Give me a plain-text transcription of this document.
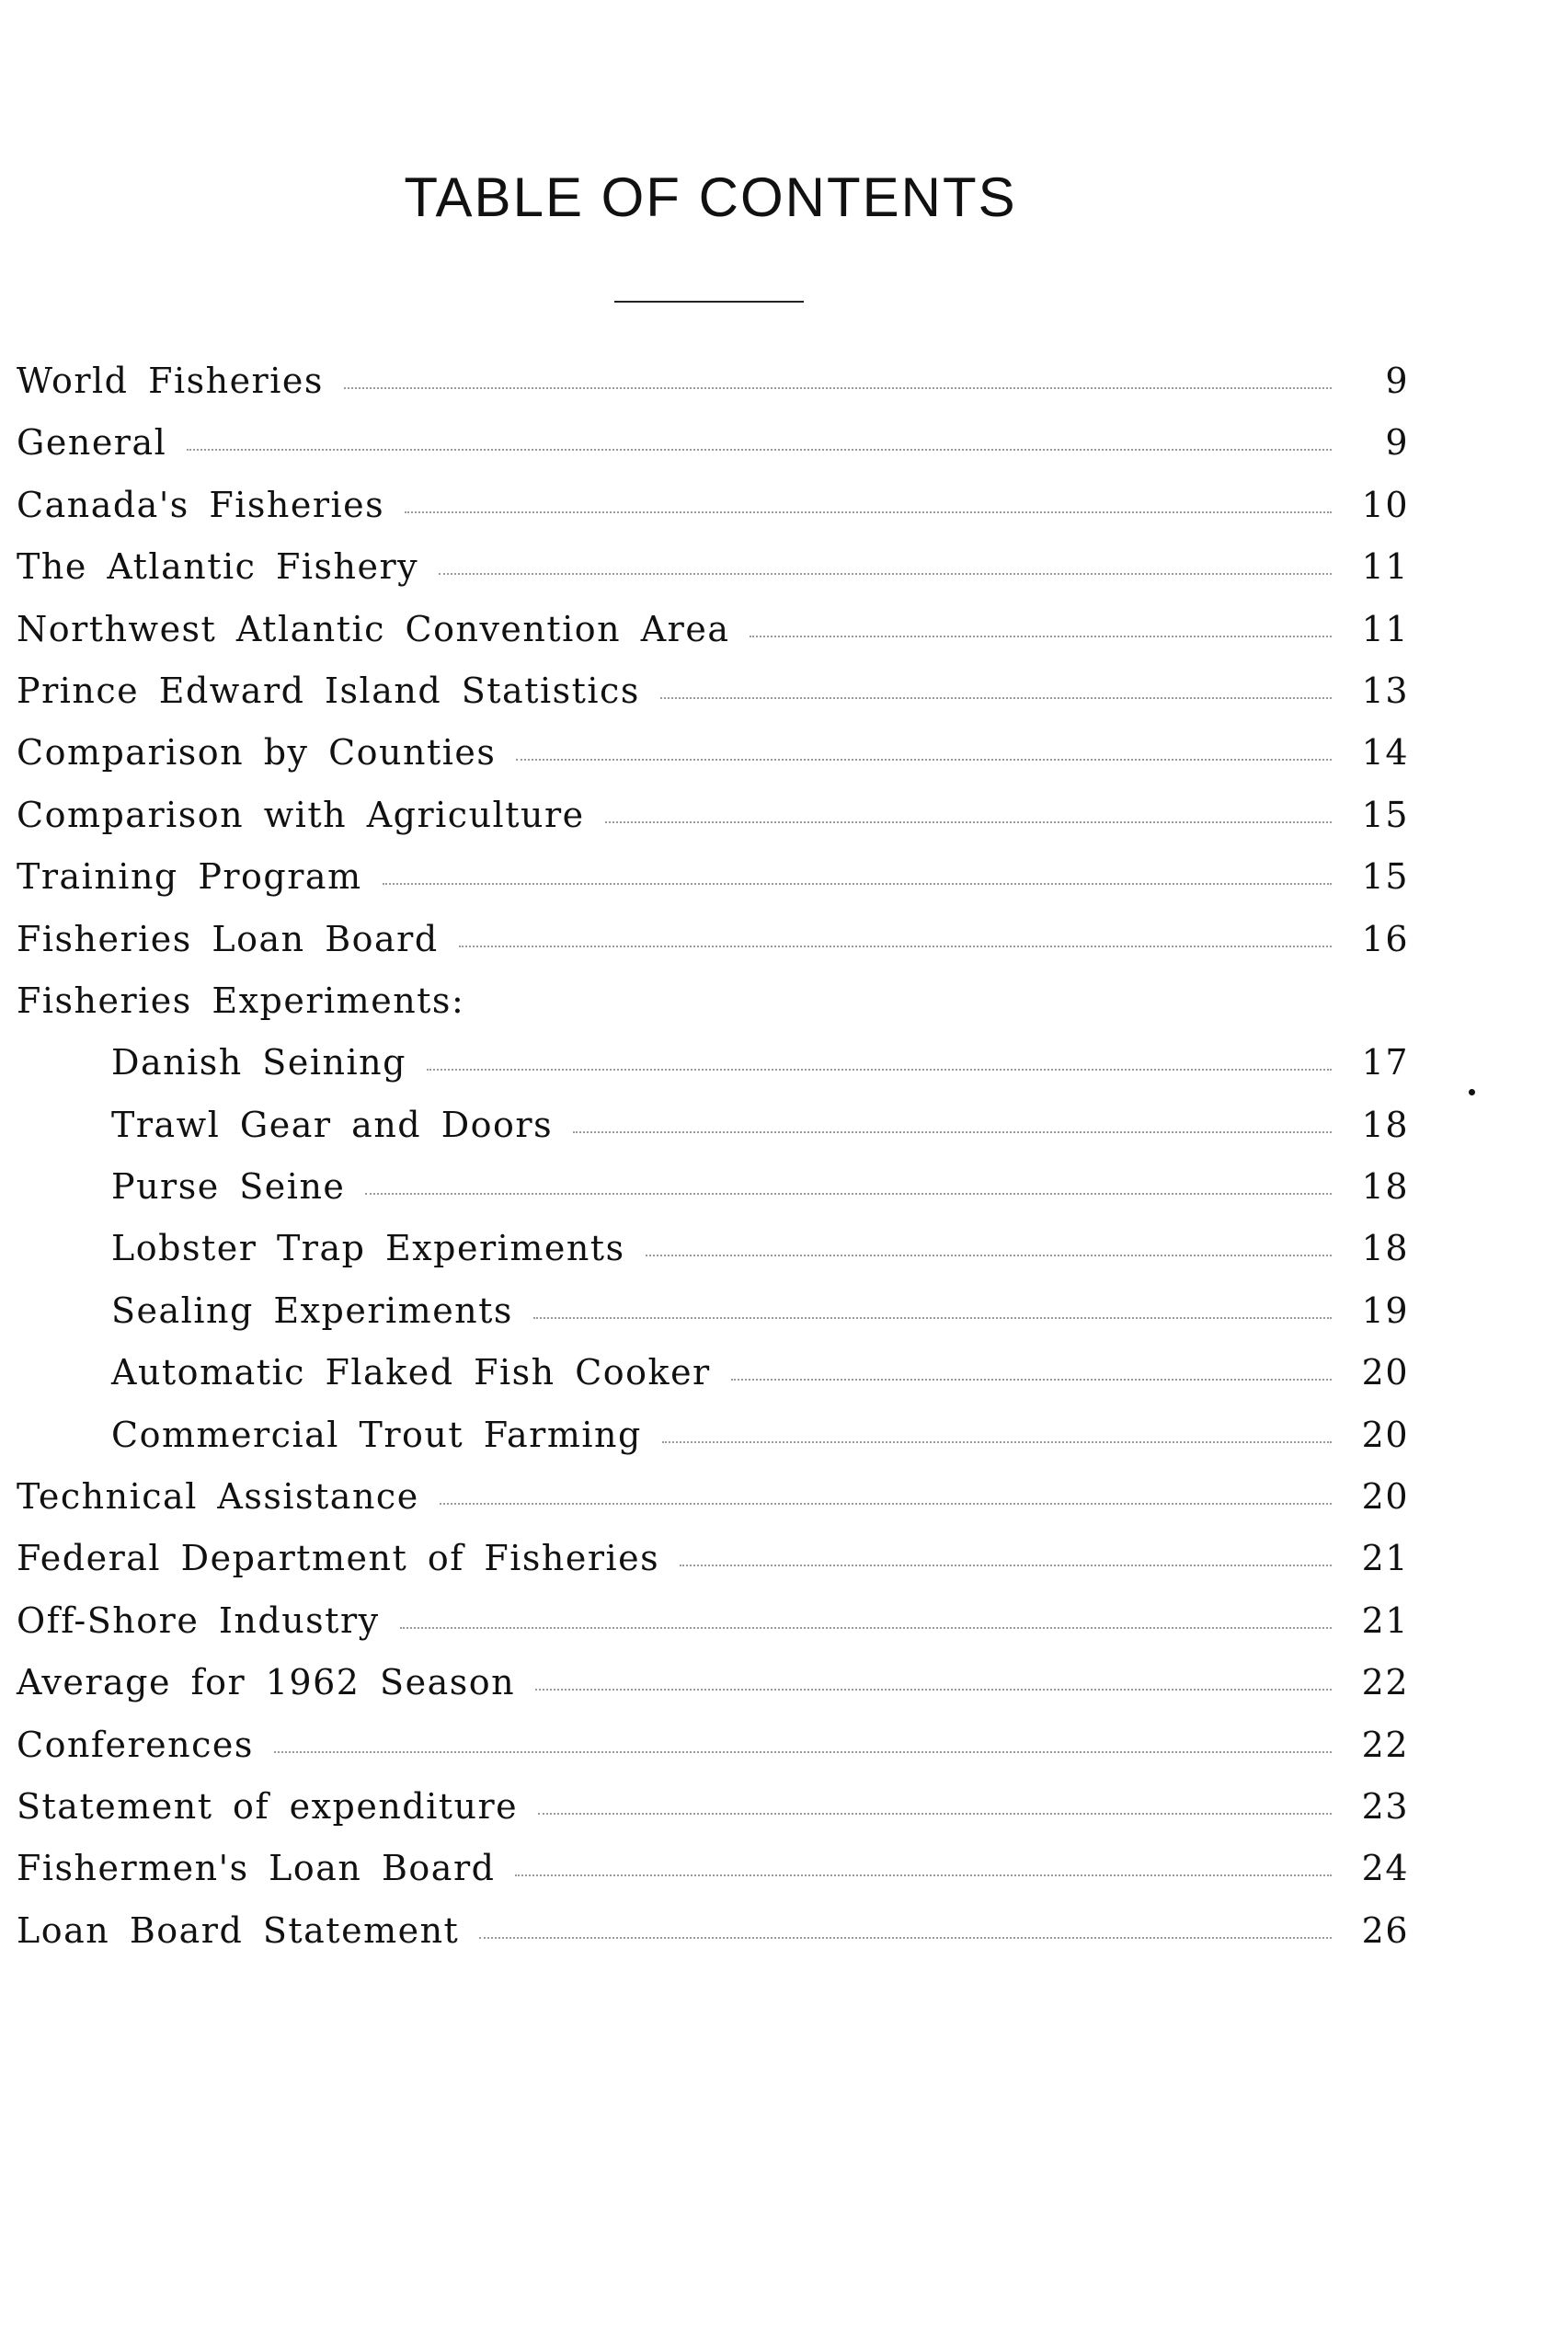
TABLE OF CONTENTS
World Fisheries	9
General	9
Canada's Fisheries	10
The Atlantic Fishery	11
Northwest Atlantic Convention Area	11
Prince Edward Island Statistics	13
Comparison by Counties	14
Comparison with Agriculture	15
Training Program	15
Fisheries Loan Board	16
Fisheries Experiments:
Danish Seining	17
Trawl Gear and Doors	18
Purse Seine	18
Lobster Trap Experiments	18
Sealing Experiments	19
Automatic Flaked Fish Cooker	20
Commercial Trout Farming	20
Technical Assistance	20
Federal Department of Fisheries	21
Off-Shore Industry	21
Average for 1962 Season	22
Conferences	22
Statement of expenditure	23
Fishermen's Loan Board	24
Loan Board Statement	26
